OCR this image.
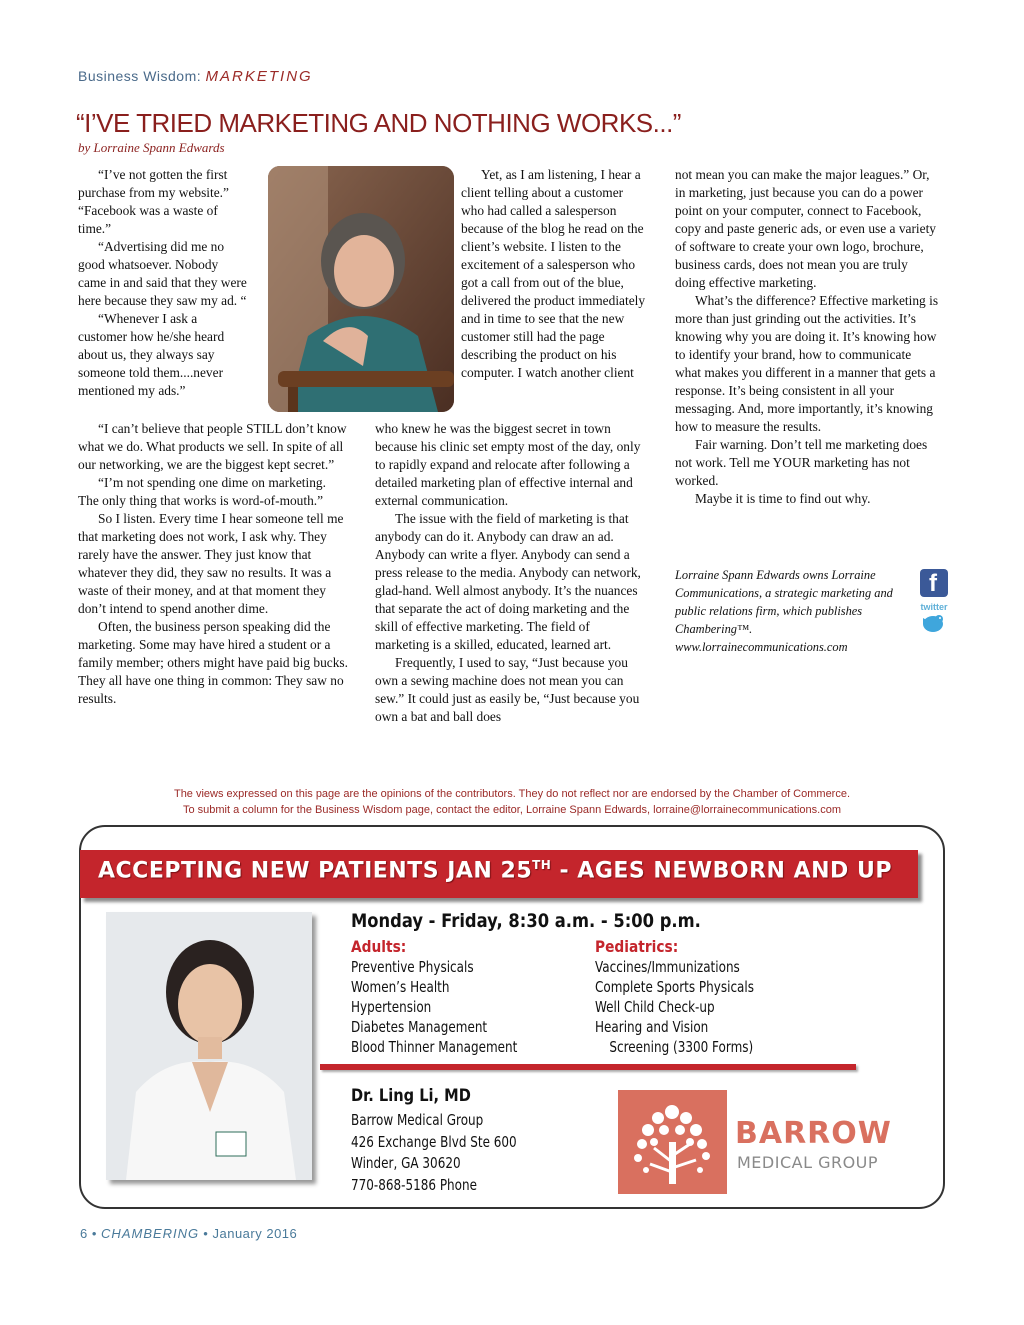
Business Wisdom: MARKETING
“I’VE TRIED MARKETING AND NOTHING WORKS...”
by Lorraine Spann Edwards

“I’ve not gotten the first purchase from my website.” “Facebook was a waste of time.”

“Advertising did me no good whatsoever. Nobody came in and said that they were here because they saw my ad. “

“Whenever I ask a customer how he/she heard about us, they always say someone told them....never mentioned my ads.”

Yet, as I am listening, I hear a client telling about a customer who had called a salesperson because of the blog he read on the client’s website. I listen to the excitement of a salesperson who got a call from out of the blue, delivered the product immediately and in time to see that the new customer still had the page describing the product on his computer. I watch another client

“I can’t believe that people STILL don’t know what we do. What products we sell. In spite of all our networking, we are the biggest kept secret.”

“I’m not spending one dime on marketing. The only thing that works is word-of-mouth.”

So I listen. Every time I hear someone tell me that marketing does not work, I ask why. They rarely have the answer. They just know that whatever they did, they saw no results. It was a waste of their money, and at that moment they don’t intend to spend another dime.

Often, the business person speaking did the marketing. Some may have hired a student or a family member; others might have paid big bucks. They all have one thing in common: They saw no results.

who knew he was the biggest secret in town because his clinic set empty most of the day, only to rapidly expand and relocate after following a detailed marketing plan of effective internal and external communication.

The issue with the field of marketing is that anybody can do it. Anybody can draw an ad. Anybody can write a flyer. Anybody can send a press release to the media. Anybody can network, glad-hand. Well almost anybody. It’s the nuances that separate the act of doing marketing and the skill of effective marketing. The field of marketing is a skilled, educated, learned art.

Frequently, I used to say, “Just because you own a sewing machine does not mean you can sew.” It could just as easily be, “Just because you own a bat and ball does

not mean you can make the major leagues.” Or, in marketing, just because you can do a power point on your computer, connect to Facebook, copy and paste generic ads, or even use a variety of software to create your own logo, brochure, business cards, does not mean you are truly doing effective marketing.

What’s the difference? Effective marketing is more than just grinding out the activities. It’s knowing why you are doing it. It’s knowing how to identify your brand, how to communicate what makes you different in a manner that gets a response. It’s being consistent in all your messaging. And, more importantly, it’s knowing how to measure the results.

Fair warning. Don’t tell me marketing does not work. Tell me YOUR marketing has not worked.

Maybe it is time to find out why.

Lorraine Spann Edwards owns Lorraine Communications, a strategic marketing and public relations firm, which publishes Chambering™.
www.lorrainecommunications.com
f
twitter
The views expressed on this page are the opinions of the contributors. They do not reflect nor are endorsed by the Chamber of Commerce.
To submit a column for the Business Wisdom page, contact the editor, Lorraine Spann Edwards, lorraine@lorrainecommunications.com
ACCEPTING NEW PATIENTS JAN 25TH - AGES NEWBORN AND UP
Monday - Friday, 8:30 a.m. - 5:00 p.m.
Adults:
Preventive Physicals
Women’s Health
Hypertension
Diabetes Management
Blood Thinner Management
Pediatrics:
Vaccines/Immunizations
Complete Sports Physicals
Well Child Check-up
Hearing and Vision
Screening (3300 Forms)
Dr. Ling Li, MD
Barrow Medical Group
426 Exchange Blvd Ste 600
Winder, GA 30620
770-868-5186 Phone
BARROW
MEDICAL GROUP
6 • CHAMBERING • January 2016
